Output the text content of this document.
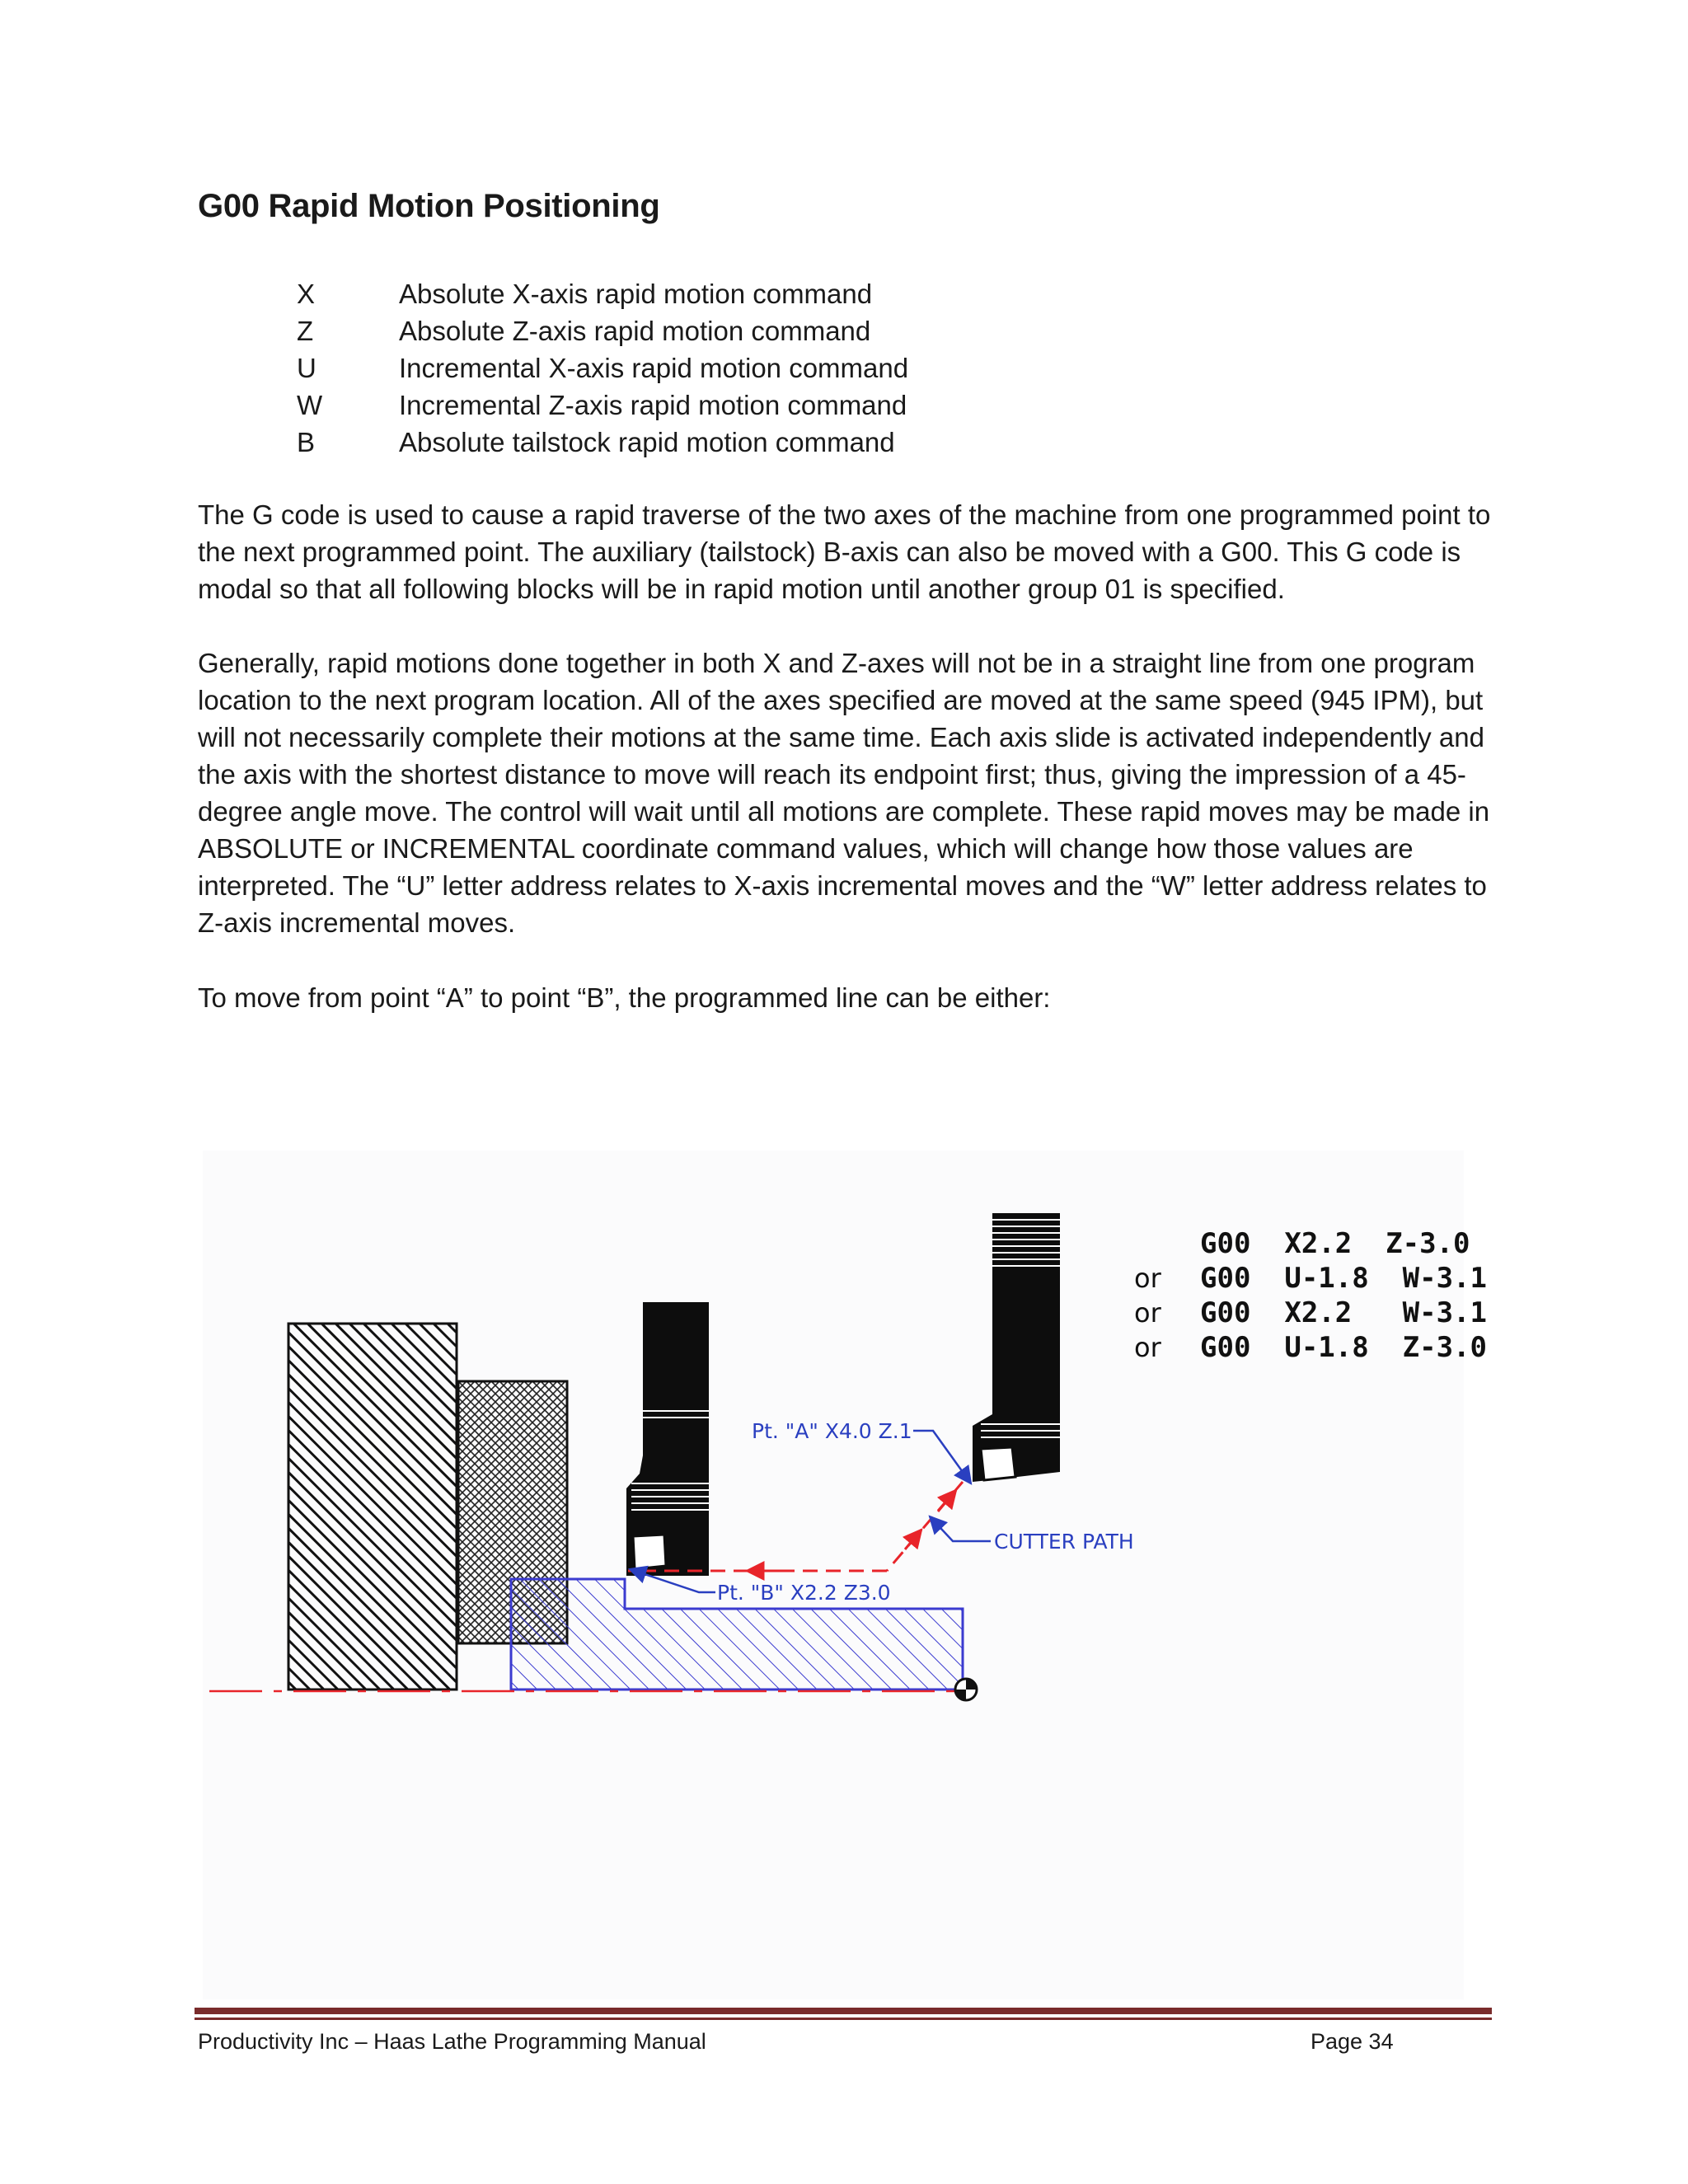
G00 Rapid Motion Positioning
X	Absolute X-axis rapid motion command
Z	Absolute Z-axis rapid motion command
U	Incremental X-axis rapid motion command
W	Incremental Z-axis rapid motion command
B	Absolute tailstock rapid motion command

The G code is used to cause a rapid traverse of the two axes of the machine from one programmed point to the next programmed point. The auxiliary (tailstock) B-axis can also be moved with a G00. This G code is modal so that all following blocks will be in rapid motion until another group 01 is specified.

Generally, rapid motions done together in both X and Z-axes will not be in a straight line from one program location to the next program location. All of the axes specified are moved at the same speed (945 IPM), but will not necessarily complete their motions at the same time. Each axis slide is activated independently and the axis with the shortest distance to move will reach its endpoint first; thus, giving the impression of a 45-degree angle move. The control will wait until all motions are complete. These rapid moves may be made in ABSOLUTE or INCREMENTAL coordinate command values, which will change how those values are interpreted. The “U” letter address relates to X-axis incremental moves and the “W” letter address relates to Z-axis incremental moves.

To move from point “A” to point “B”, the programmed line can be either:

Pt. "A" X4.0 Z.1
Pt. "B" X2.2 Z3.0
CUTTER PATH
G00  X2.2  Z-3.0
or G00  U-1.8  W-3.1
or G00  X2.2   W-3.1
or G00  U-1.8  Z-3.0
Productivity Inc – Haas Lathe Programming Manual	Page 34
